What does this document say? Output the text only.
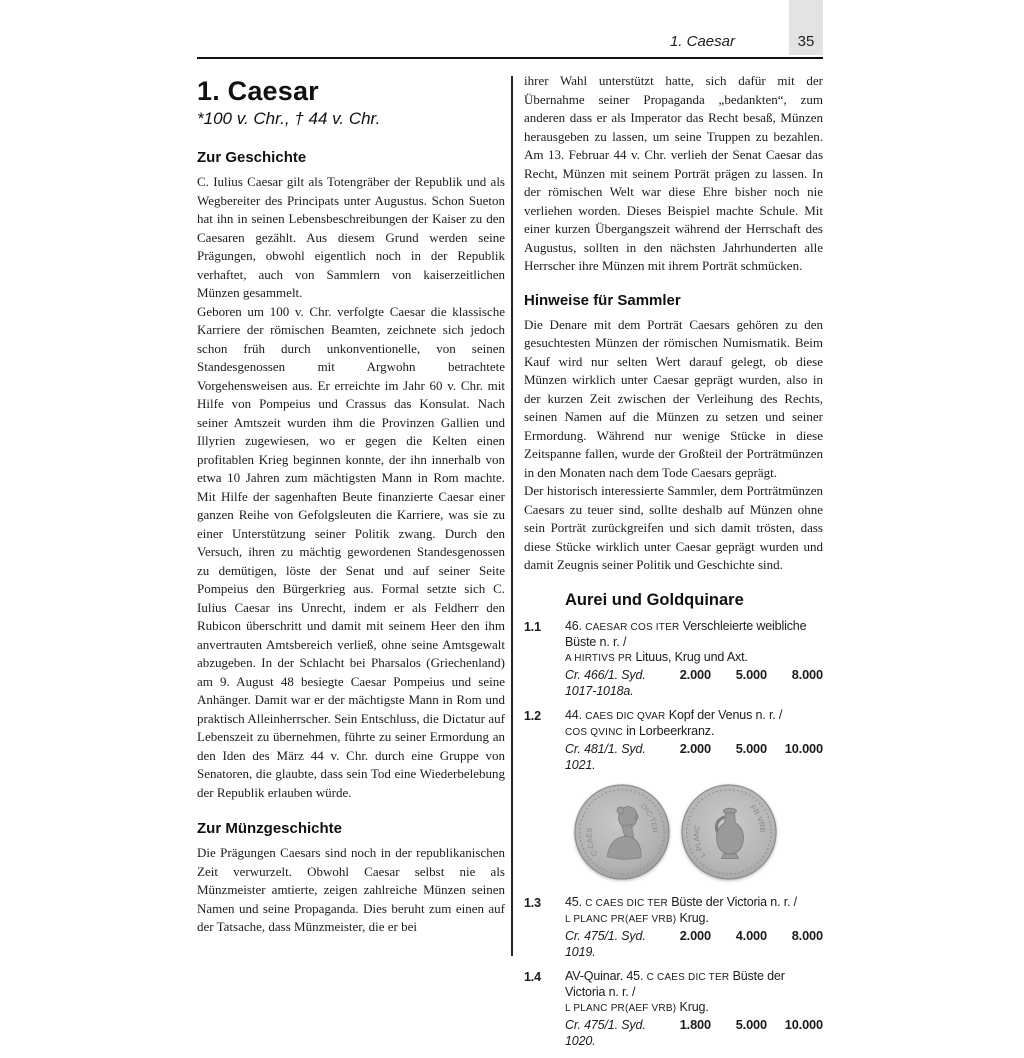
1. Caesar	35
1. Caesar

*100 v. Chr., † 44 v. Chr.

Zur Geschichte

C. Iulius Caesar gilt als Totengräber der Republik und als Wegbereiter des Principats unter Augustus. Schon Sueton hat ihn in seinen Lebensbeschreibungen der Kaiser zu den Caesaren gezählt. Aus diesem Grund werden seine Prägungen, obwohl eigentlich noch in der Republik verhaftet, auch von Sammlern von kaiserzeitlichen Münzen gesammelt.

Geboren um 100 v. Chr. verfolgte Caesar die klassische Karriere der römischen Beamten, zeichnete sich jedoch schon früh durch unkonventionelle, von seinen Standesgenossen mit Argwohn betrachtete Vorgehensweisen aus. Er erreichte im Jahr 60 v. Chr. mit Hilfe von Pompeius und Crassus das Konsulat. Nach seiner Amtszeit wurden ihm die Provinzen Gallien und Illyrien zugewiesen, wo er gegen die Kelten einen profitablen Krieg beginnen konnte, der ihn innerhalb von etwa 10 Jahren zum mächtigsten Mann in Rom machte. Mit Hilfe der sagenhaften Beute finanzierte Caesar einer ganzen Reihe von Gefolgsleuten die Karriere, was sie zu einer Unterstützung seiner Politik zwang. Durch den Versuch, ihren zu mächtig gewordenen Standesgenossen zu demütigen, löste der Senat und auf seiner Seite Pompeius den Bürgerkrieg aus. Formal setzte sich C. Iulius Caesar ins Unrecht, indem er als Feldherr den Rubicon überschritt und damit mit seinem Heer den ihm anvertrauten Amtsbereich verließ, ohne seine Amtsgewalt abzugeben. In der Schlacht bei Pharsalos (Griechenland) am 9. August 48 besiegte Caesar Pompeius und seine Anhänger. Damit war er der mächtigste Mann in Rom und praktisch Alleinherrscher. Sein Entschluss, die Dictatur auf Lebenszeit zu übernehmen, führte zu seiner Ermordung an den Iden des März 44 v. Chr. durch eine Gruppe von Senatoren, die glaubte, dass sein Tod eine Wiederbelebung der Republik erlauben würde.

Zur Münzgeschichte

Die Prägungen Caesars sind noch in der republikanischen Zeit verwurzelt. Obwohl Caesar selbst nie als Münzmeister amtierte, zeigen zahlreiche Münzen seinen Namen und seine Propaganda. Dies beruht zum einen auf der Tatsache, dass Münzmeister, die er bei

ihrer Wahl unterstützt hatte, sich dafür mit der Übernahme seiner Propaganda „bedankten“, zum anderen dass er als Imperator das Recht besaß, Münzen herausgeben zu lassen, um seine Truppen zu bezahlen. Am 13. Februar 44 v. Chr. verlieh der Senat Caesar das Recht, Münzen mit seinem Porträt prägen zu lassen. In der römischen Welt war diese Ehre bisher noch nie verliehen worden. Dieses Beispiel machte Schule. Mit einer kurzen Übergangszeit während der Herrschaft des Augustus, sollten in den nächsten Jahrhunderten alle Herrscher ihre Münzen mit ihrem Porträt schmücken.

Hinweise für Sammler

Die Denare mit dem Porträt Caesars gehören zu den gesuchtesten Münzen der römischen Numismatik. Beim Kauf wird nur selten Wert darauf gelegt, ob diese Münzen wirklich unter Caesar geprägt wurden, also in der kurzen Zeit zwischen der Verleihung des Rechts, seinen Namen auf die Münzen zu setzen und seiner Ermordung. Während nur wenige Stücke in diese Zeitspanne fallen, wurde der Großteil der Porträtmünzen in den Monaten nach dem Tode Caesars geprägt.

Der historisch interessierte Sammler, dem Porträtmünzen Caesars zu teuer sind, sollte deshalb auf Münzen ohne sein Porträt zurückgreifen und sich damit trösten, dass diese Stücke wirklich unter Caesar geprägt wurden und damit Zeugnis seiner Politik und Geschichte sind.

Aurei und Goldquinare
1.1	46. CAESAR COS ITER Verschleierte weibliche Büste n. r. /
A HIRTIVS PR Lituus, Krug und Axt.
Cr. 466/1. Syd. 1017-1018a.
2.000	5.000	8.000
1.2	44. CAES DIC QVAR Kopf der Venus n. r. /
COS QVINC in Lorbeerkranz.
Cr. 481/1. Syd. 1021.
2.000	5.000	10.000
C·CAES
DIC·TER
L·PLANC
PR·VRB
1.3	45. C CAES DIC TER Büste der Victoria n. r. /
L PLANC PR(AEF VRB) Krug.
Cr. 475/1. Syd. 1019.
2.000	4.000	8.000
1.4	AV-Quinar. 45. C CAES DIC TER Büste der Victoria n. r. /
L PLANC PR(AEF VRB) Krug.
Cr. 475/1. Syd. 1020.
1.800	5.000	10.000
